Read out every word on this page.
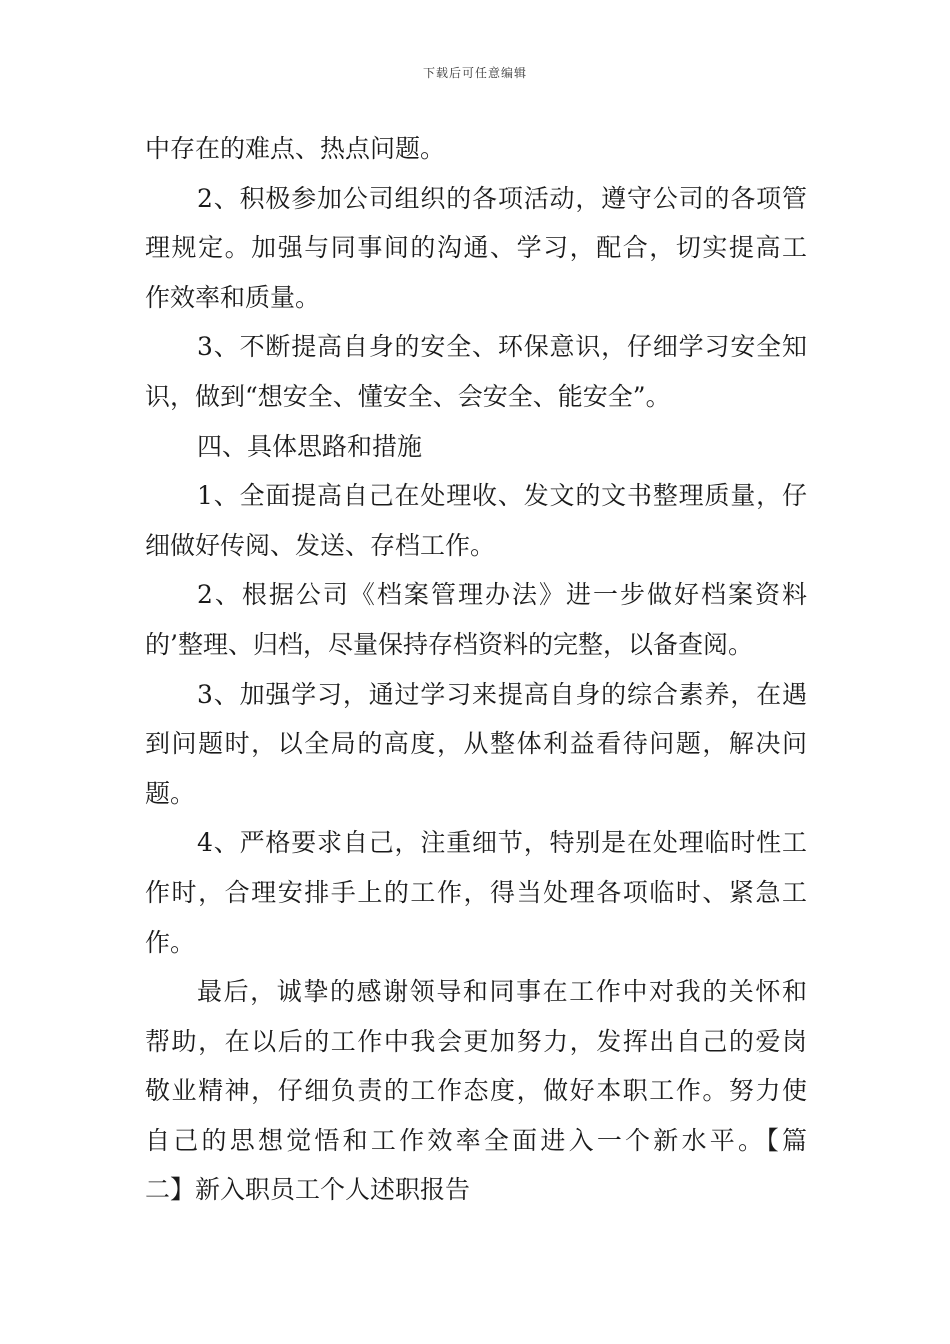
下载后可任意编辑
中存在的难点、热点问题。
2、积极参加公司组织的各项活动，遵守公司的各项管
理规定。加强与同事间的沟通、学习，配合，切实提高工
作效率和质量。
3、不断提高自身的安全、环保意识，仔细学习安全知
识，做到“想安全、懂安全、会安全、能安全”。
四、具体思路和措施
1、全面提高自己在处理收、发文的文书整理质量，仔
细做好传阅、发送、存档工作。
2、根据公司《档案管理办法》进一步做好档案资料
的’整理、归档，尽量保持存档资料的完整，以备查阅。
3、加强学习，通过学习来提高自身的综合素养，在遇
到问题时，以全局的高度，从整体利益看待问题，解决问
题。
4、严格要求自己，注重细节，特别是在处理临时性工
作时，合理安排手上的工作，得当处理各项临时、紧急工
作。
最后，诚挚的感谢领导和同事在工作中对我的关怀和
帮助，在以后的工作中我会更加努力，发挥出自己的爱岗
敬业精神，仔细负责的工作态度，做好本职工作。努力使
自己的思想觉悟和工作效率全面进入一个新水平。【篇
二】新入职员工个人述职报告
